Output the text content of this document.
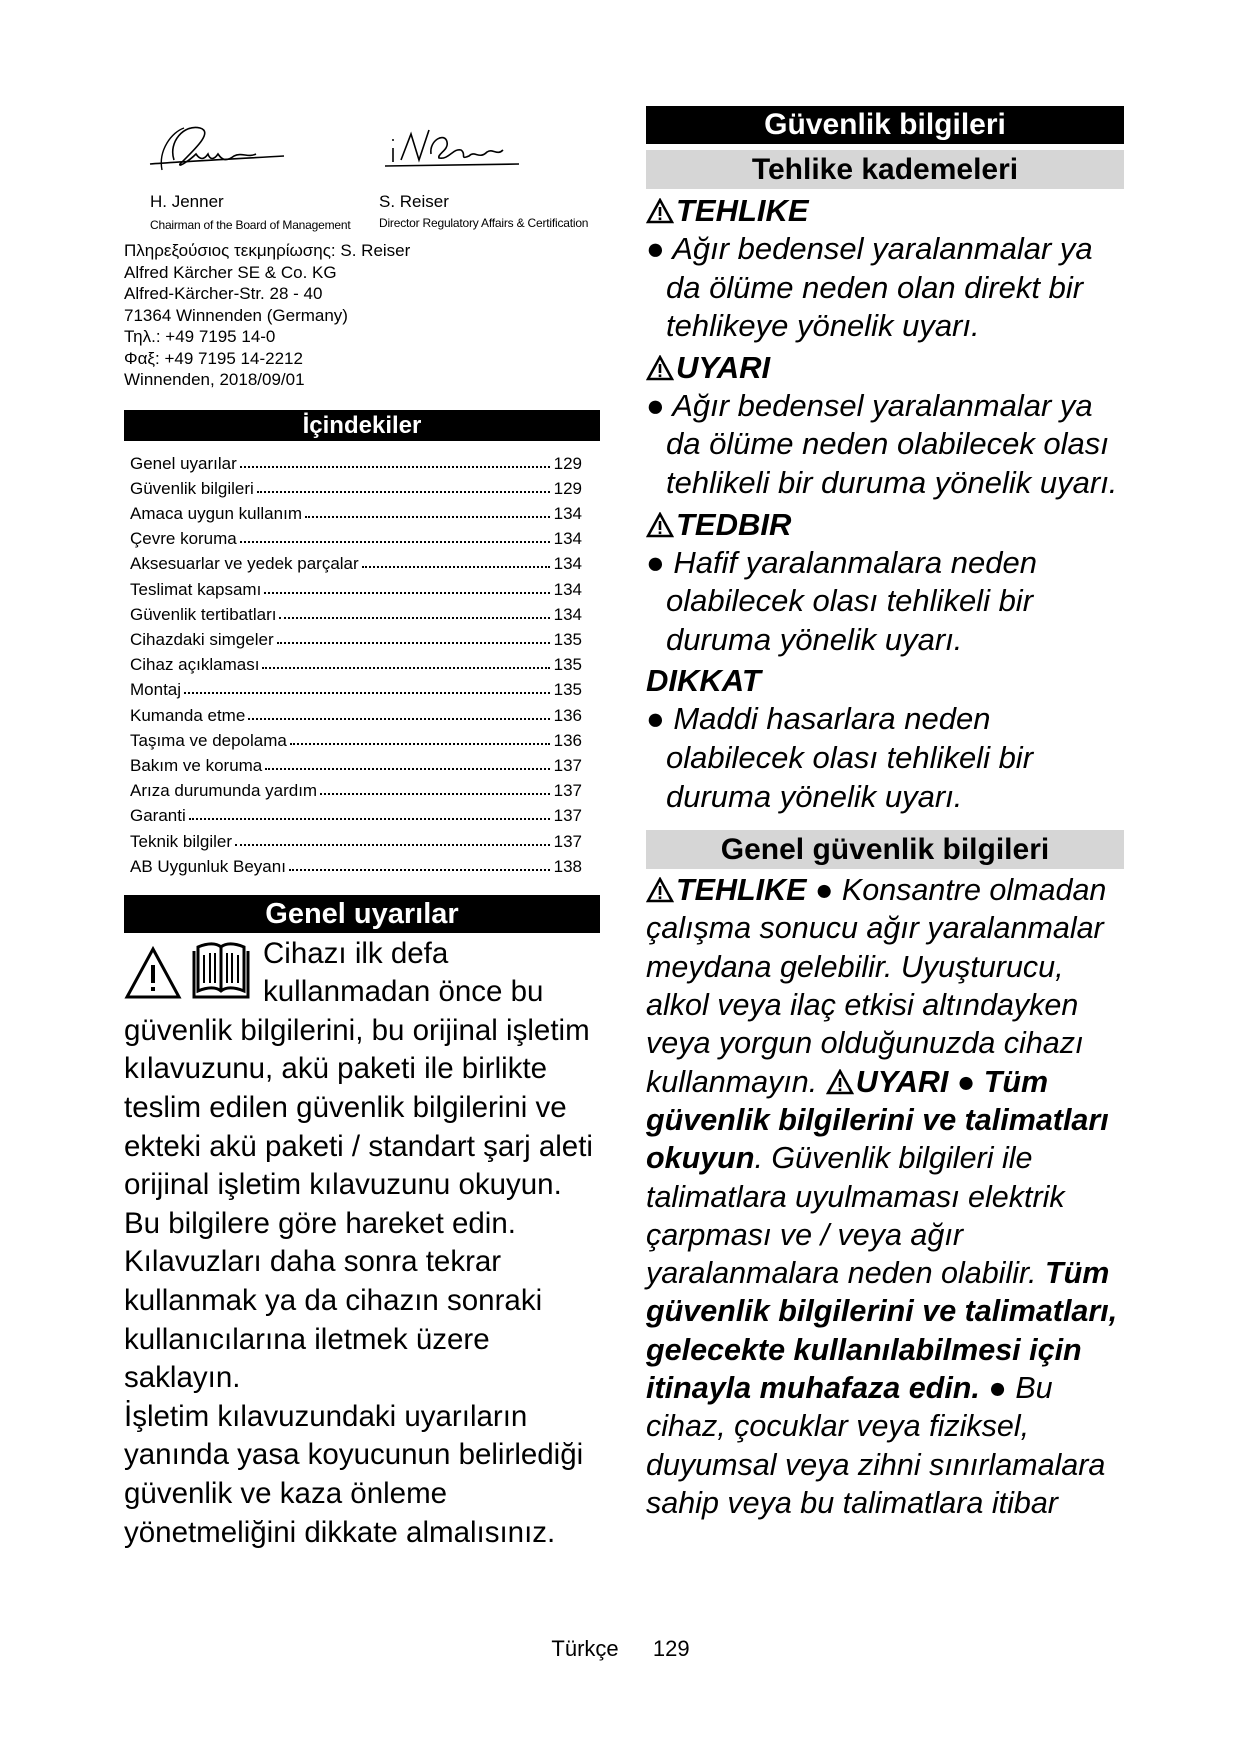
H. Jenner
Chairman of the Board of Management
S. Reiser
Director Regulatory Affairs & Certification
Πληρεξούσιος τεκμηρίωσης: S. Reiser
Alfred Kärcher SE & Co. KG
Alfred-Kärcher-Str. 28 - 40
71364 Winnenden (Germany)
Τηλ.: +49 7195 14-0
Φαξ: +49 7195 14-2212
Winnenden, 2018/09/01
İçindekiler
Genel uyarılar	129
Güvenlik bilgileri	129
Amaca uygun kullanım	134
Çevre koruma	134
Aksesuarlar ve yedek parçalar	134
Teslimat kapsamı	134
Güvenlik tertibatları	134
Cihazdaki simgeler	135
Cihaz açıklaması	135
Montaj	135
Kumanda etme	136
Taşıma ve depolama	136
Bakım ve koruma	137
Arıza durumunda yardım	137
Garanti	137
Teknik bilgiler	137
AB Uygunluk Beyanı	138
Genel uyarılar

Cihazı ilk defa kullanmadan önce bu güvenlik bilgilerini, bu orijinal işletim kılavuzunu, akü paketi ile birlikte teslim edilen güvenlik bilgilerini ve ekteki akü paketi / standart şarj aleti orijinal işletim kılavuzunu okuyun. Bu bilgilere göre hareket edin. Kılavuzları daha sonra tekrar kullanmak ya da cihazın sonraki kullanıcılarına iletmek üzere saklayın.

İşletim kılavuzundaki uyarıların yanında yasa koyucunun belirlediği güvenlik ve kaza önleme yönetmeliğini dikkate almalısınız.

Güvenlik bilgileri
Tehlike kademeleri
TEHLIKE
● Ağır bedensel yaralanmalar ya da ölüme neden olan direkt bir tehlikeye yönelik uyarı.
UYARI
● Ağır bedensel yaralanmalar ya da ölüme neden olabilecek olası tehlikeli bir duruma yönelik uyarı.
TEDBIR
● Hafif yaralanmalara neden olabilecek olası tehlikeli bir duruma yönelik uyarı.
DIKKAT
● Maddi hasarlara neden olabilecek olası tehlikeli bir duruma yönelik uyarı.
Genel güvenlik bilgileri
TEHLIKE ● Konsantre olmadan çalışma sonucu ağır yaralanmalar meydana gelebilir. Uyuşturucu, alkol veya ilaç etkisi altındayken veya yorgun olduğunuzda cihazı kullanmayın. UYARI ● Tüm güvenlik bilgilerini ve talimatları okuyun. Güvenlik bilgileri ile talimatlara uyulmaması elektrik çarpması ve / veya ağır yaralanmalara neden olabilir. Tüm güvenlik bilgilerini ve talimatları, gelecekte kullanılabilmesi için itinayla muhafaza edin. ● Bu cihaz, çocuklar veya fiziksel, duyumsal veya zihni sınırlamalara sahip veya bu talimatlara itibar
Türkçe 129
